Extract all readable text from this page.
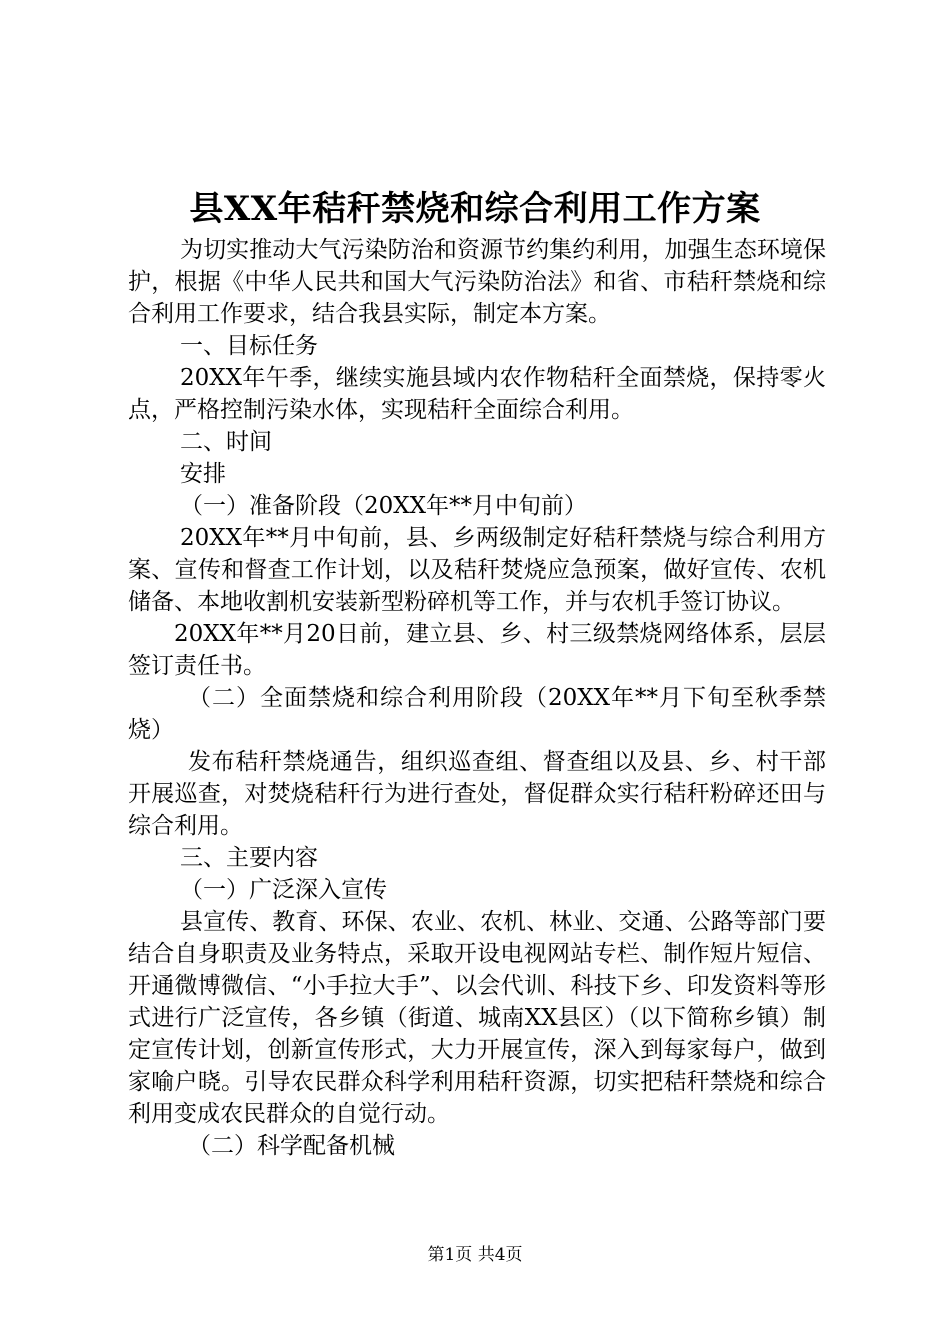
县XX年秸秆禁烧和综合利用工作方案

为切实推动大气污染防治和资源节约集约利用，加强生态环境保护，根据《中华人民共和国大气污染防治法》和省、市秸秆禁烧和综合利用工作要求，结合我县实际，制定本方案。

一、目标任务

20XX年午季，继续实施县域内农作物秸秆全面禁烧，保持零火点，严格控制污染水体，实现秸秆全面综合利用。

二、时间

安排

（一）准备阶段（20XX年**月中旬前）

20XX年**月中旬前，县、乡两级制定好秸秆禁烧与综合利用方案、宣传和督查工作计划，以及秸秆焚烧应急预案，做好宣传、农机储备、本地收割机安装新型粉碎机等工作，并与农机手签订协议。

20XX年**月20日前，建立县、乡、村三级禁烧网络体系，层层签订责任书。

（二）全面禁烧和综合利用阶段（20XX年**月下旬至秋季禁烧）

发布秸秆禁烧通告，组织巡查组、督查组以及县、乡、村干部开展巡查，对焚烧秸秆行为进行查处，督促群众实行秸秆粉碎还田与综合利用。

三、主要内容

（一）广泛深入宣传

县宣传、教育、环保、农业、农机、林业、交通、公路等部门要结合自身职责及业务特点，采取开设电视网站专栏、制作短片短信、开通微博微信、“小手拉大手”、以会代训、科技下乡、印发资料等形式进行广泛宣传，各乡镇（街道、城南XX县区）（以下简称乡镇）制定宣传计划，创新宣传形式，大力开展宣传，深入到每家每户，做到家喻户晓。引导农民群众科学利用秸秆资源，切实把秸秆禁烧和综合利用变成农民群众的自觉行动。

（二）科学配备机械

第1页 共4页
